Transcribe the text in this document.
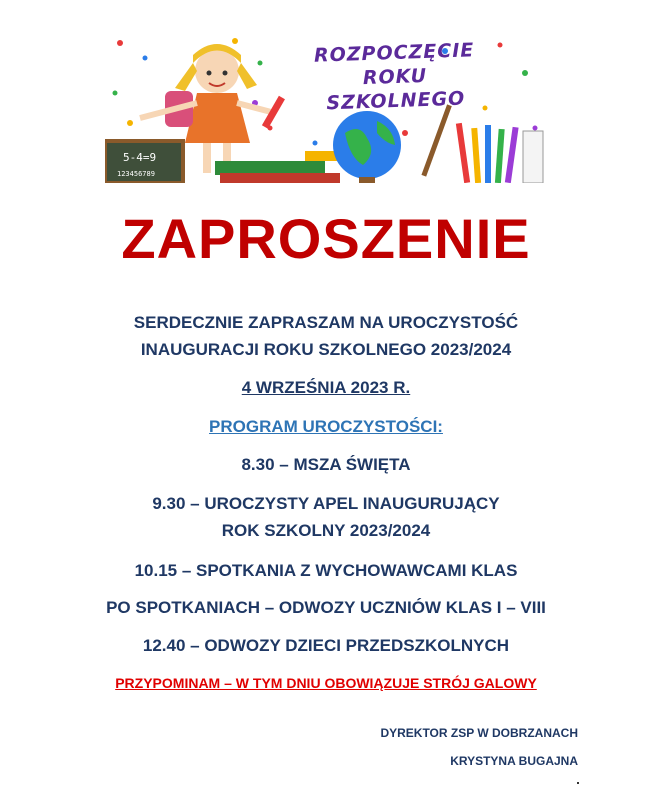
5-4=9
123456789
ROZPOCZĘCIE
ROKU
SZKOLNEGO
ZAPROSZENIE
SERDECZNIE ZAPRASZAM NA UROCZYSTOŚĆ
INAUGURACJI ROKU SZKOLNEGO 2023/2024
4 WRZEŚNIA 2023 R.
PROGRAM UROCZYSTOŚCI:
8.30 – MSZA ŚWIĘTA
9.30 – UROCZYSTY APEL INAUGURUJĄCY
ROK SZKOLNY 2023/2024
10.15 – SPOTKANIA Z WYCHOWAWCAMI KLAS
PO SPOTKANIACH – ODWOZY UCZNIÓW KLAS I – VIII
12.40 – ODWOZY DZIECI PRZEDSZKOLNYCH
PRZYPOMINAM – W TYM DNIU OBOWIĄZUJE STRÓJ GALOWY
DYREKTOR ZSP W DOBRZANACH
KRYSTYNA BUGAJNA
